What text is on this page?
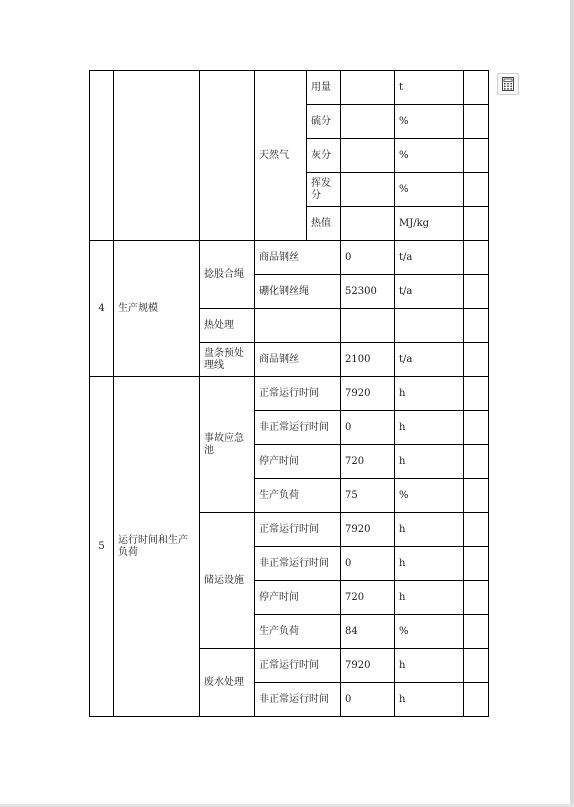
			天然气	用量		t	
				硫分		%	
				灰分		%	
				挥发分		%	
				热值		MJ/kg	
4	生产规模	捻股合绳	商品钢丝		0	t/a	
			硼化钢丝绳		52300	t/a	
		热处理					
		盘条预处理线	商品钢丝		2100	t/a	
5	运行时间和生产负荷	事故应急池	正常运行时间		7920	h	
			非正常运行时间		0	h	
			停产时间		720	h	
			生产负荷		75	%	
		储运设施	正常运行时间		7920	h	
			非正常运行时间		0	h	
			停产时间		720	h	
			生产负荷		84	%	
		废水处理	正常运行时间		7920	h	
			非正常运行时间		0	h	
